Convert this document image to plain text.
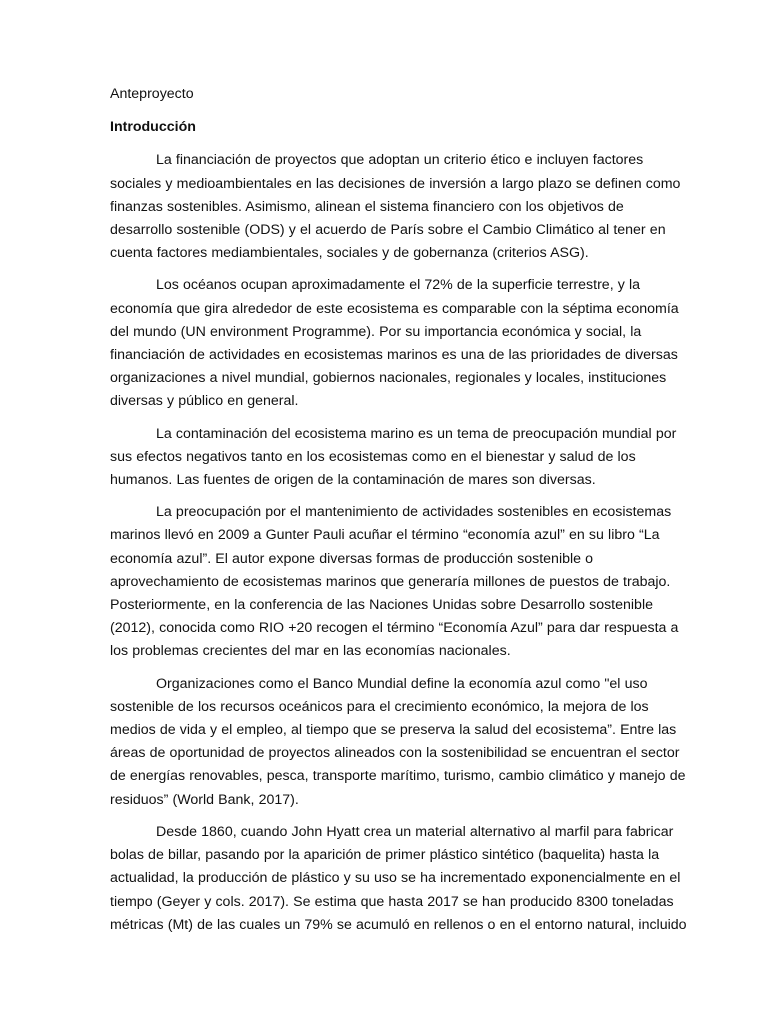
Anteproyecto

Introducción

La financiación de proyectos que adoptan un criterio ético e incluyen factores sociales y medioambientales en las decisiones de inversión a largo plazo se definen como finanzas sostenibles. Asimismo, alinean el sistema financiero con los objetivos de desarrollo sostenible (ODS) y el acuerdo de París sobre el Cambio Climático al tener en cuenta factores mediambientales, sociales y de gobernanza (criterios ASG).

Los océanos ocupan aproximadamente el 72% de la superficie terrestre, y la economía que gira alrededor de este ecosistema es comparable con la séptima economía del mundo (UN environment Programme). Por su importancia económica y social, la financiación de actividades en ecosistemas marinos es una de las prioridades de diversas organizaciones a nivel mundial, gobiernos nacionales, regionales y locales, instituciones diversas y público en general.

La contaminación del ecosistema marino es un tema de preocupación mundial por sus efectos negativos tanto en los ecosistemas como en el bienestar y salud de los humanos. Las fuentes de origen de la contaminación de mares son diversas.

La preocupación por el mantenimiento de actividades sostenibles en ecosistemas marinos llevó en 2009 a Gunter Pauli acuñar el término “economía azul” en su libro “La economía azul”. El autor expone diversas formas de producción sostenible o aprovechamiento de ecosistemas marinos que generaría millones de puestos de trabajo. Posteriormente, en la conferencia de las Naciones Unidas sobre Desarrollo sostenible (2012), conocida como RIO +20 recogen el término “Economía Azul” para dar respuesta a los problemas crecientes del mar en las economías nacionales.

Organizaciones como el Banco Mundial define la economía azul como "el uso sostenible de los recursos oceánicos para el crecimiento económico, la mejora de los medios de vida y el empleo, al tiempo que se preserva la salud del ecosistema”. Entre las áreas de oportunidad de proyectos alineados con la sostenibilidad se encuentran el sector de energías renovables, pesca, transporte marítimo, turismo, cambio climático y manejo de residuos” (World Bank, 2017).

Desde 1860, cuando John Hyatt crea un material alternativo al marfil para fabricar bolas de billar, pasando por la aparición de primer plástico sintético (baquelita) hasta la actualidad, la producción de plástico y su uso se ha incrementado exponencialmente en el tiempo (Geyer y cols. 2017). Se estima que hasta 2017 se han producido 8300 toneladas métricas (Mt) de las cuales un 79% se acumuló en rellenos o en el entorno natural, incluido
